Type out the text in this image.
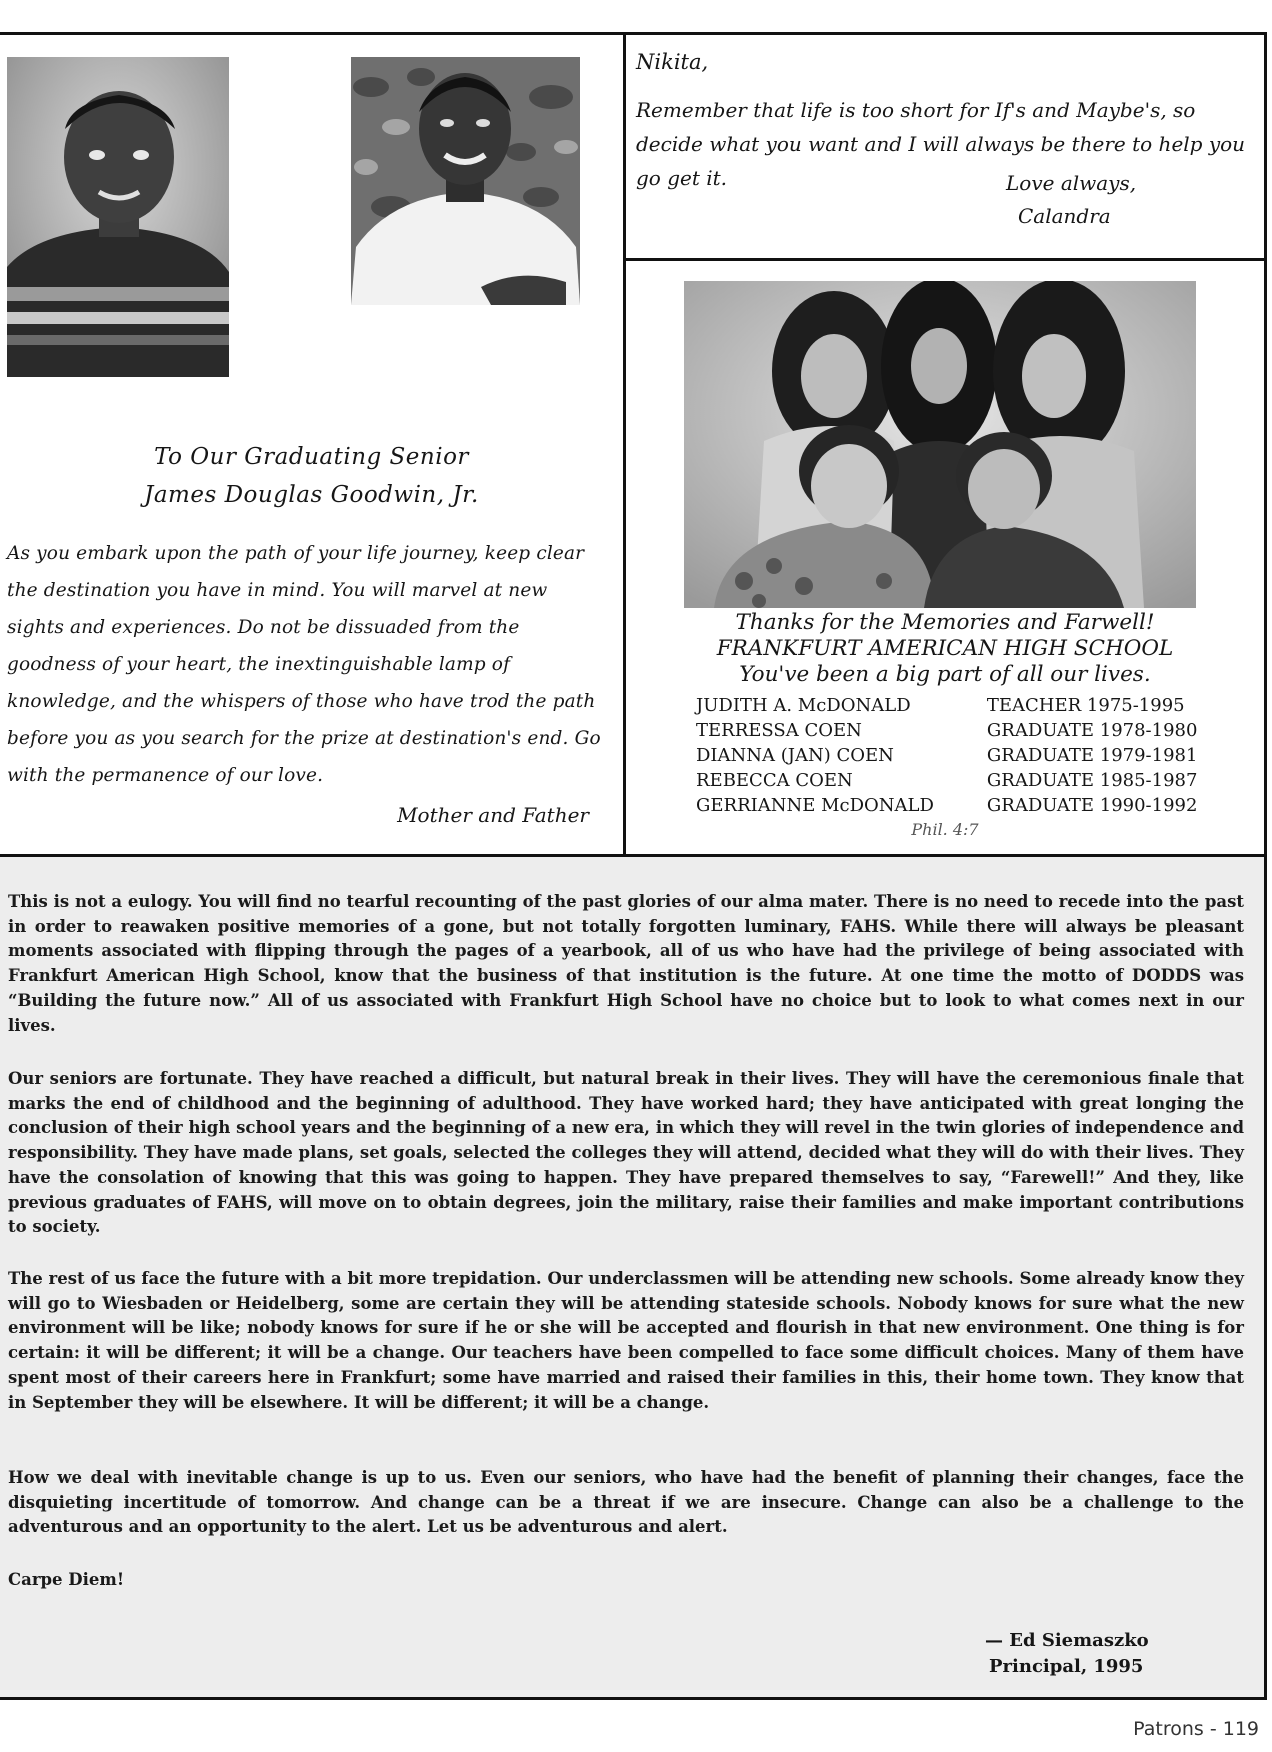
To Our Graduating Senior
James Douglas Goodwin, Jr.
As you embark upon the path of your life journey, keep clear the destination you have in mind. You will marvel at new sights and experiences. Do not be dissuaded from the goodness of your heart, the inextinguishable lamp of knowledge, and the whispers of those who have trod the path before you as you search for the prize at destination's end. Go with the permanence of our love.
Mother and Father
Nikita,
Remember that life is too short for If's and Maybe's, so decide what you want and I will always be there to help you go get it.	Love always,
Calandra
Thanks for the Memories and Farwell!
FRANKFURT AMERICAN HIGH SCHOOL
You've been a big part of all our lives.
JUDITH A. McDONALD	TEACHER 1975-1995
TERRESSA COEN	GRADUATE 1978-1980
DIANNA (JAN) COEN	GRADUATE 1979-1981
REBECCA COEN	GRADUATE 1985-1987
GERRIANNE McDONALD	GRADUATE 1990-1992
Phil. 4:7
This is not a eulogy. You will find no tearful recounting of the past glories of our alma mater. There is no need to recede into the past in order to reawaken positive memories of a gone, but not totally forgotten luminary, FAHS. While there will always be pleasant moments associated with flipping through the pages of a yearbook, all of us who have had the privilege of being associated with Frankfurt American High School, know that the business of that institution is the future. At one time the motto of DODDS was “Building the future now.” All of us associated with Frankfurt High School have no choice but to look to what comes next in our lives.
Our seniors are fortunate. They have reached a difficult, but natural break in their lives. They will have the ceremonious finale that marks the end of childhood and the beginning of adulthood. They have worked hard; they have anticipated with great longing the conclusion of their high school years and the beginning of a new era, in which they will revel in the twin glories of independence and responsibility. They have made plans, set goals, selected the colleges they will attend, decided what they will do with their lives. They have the consolation of knowing that this was going to happen. They have prepared themselves to say, “Farewell!” And they, like previous graduates of FAHS, will move on to obtain degrees, join the military, raise their families and make important contributions to society.
The rest of us face the future with a bit more trepidation. Our underclassmen will be attending new schools. Some already know they will go to Wiesbaden or Heidelberg, some are certain they will be attending stateside schools. Nobody knows for sure what the new environment will be like; nobody knows for sure if he or she will be accepted and flourish in that new environment. One thing is for certain: it will be different; it will be a change. Our teachers have been compelled to face some difficult choices. Many of them have spent most of their careers here in Frankfurt; some have married and raised their families in this, their home town. They know that in September they will be elsewhere. It will be different; it will be a change.
How we deal with inevitable change is up to us. Even our seniors, who have had the benefit of planning their changes, face the disquieting incertitude of tomorrow. And change can be a threat if we are insecure. Change can also be a challenge to the adventurous and an opportunity to the alert. Let us be adventurous and alert.
Carpe Diem!
— Ed Siemaszko
Principal, 1995
Patrons - 119
